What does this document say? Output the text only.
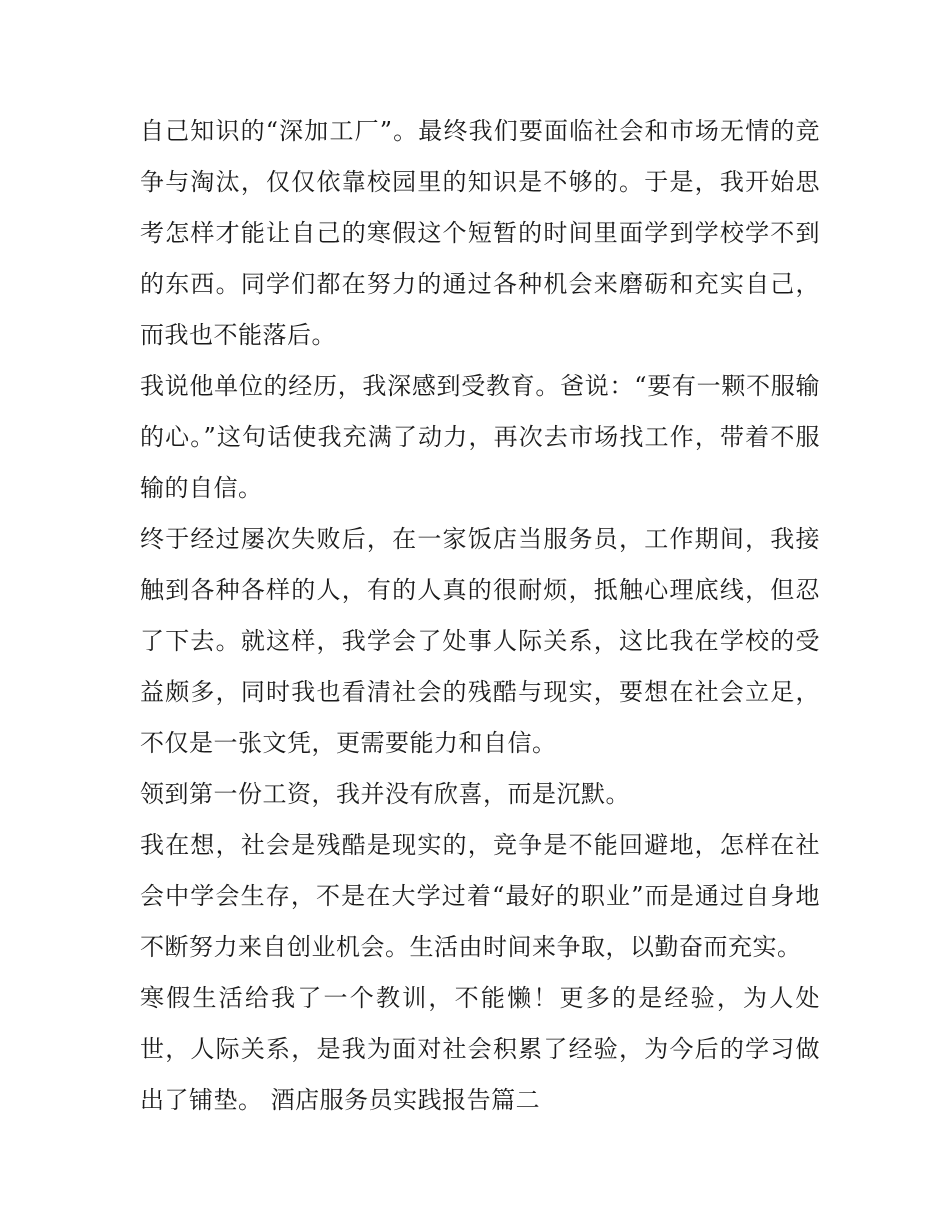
自己知识的“深加工厂”。最终我们要面临社会和市场无情的竞争与淘汰，仅仅依靠校园里的知识是不够的。于是，我开始思考怎样才能让自己的寒假这个短暂的时间里面学到学校学不到的东西。同学们都在努力的通过各种机会来磨砺和充实自己，而我也不能落后。

我说他单位的经历，我深感到受教育。爸说：“要有一颗不服输的心。”这句话使我充满了动力，再次去市场找工作，带着不服输的自信。

终于经过屡次失败后，在一家饭店当服务员，工作期间，我接触到各种各样的人，有的人真的很耐烦，抵触心理底线，但忍了下去。就这样，我学会了处事人际关系，这比我在学校的受益颇多，同时我也看清社会的残酷与现实，要想在社会立足，不仅是一张文凭，更需要能力和自信。

领到第一份工资，我并没有欣喜，而是沉默。

我在想，社会是残酷是现实的，竞争是不能回避地，怎样在社会中学会生存，不是在大学过着“最好的职业”而是通过自身地不断努力来自创业机会。生活由时间来争取，以勤奋而充实。

寒假生活给我了一个教训，不能懒！更多的是经验，为人处世，人际关系，是我为面对社会积累了经验，为今后的学习做出了铺垫。 酒店服务员实践报告篇二
